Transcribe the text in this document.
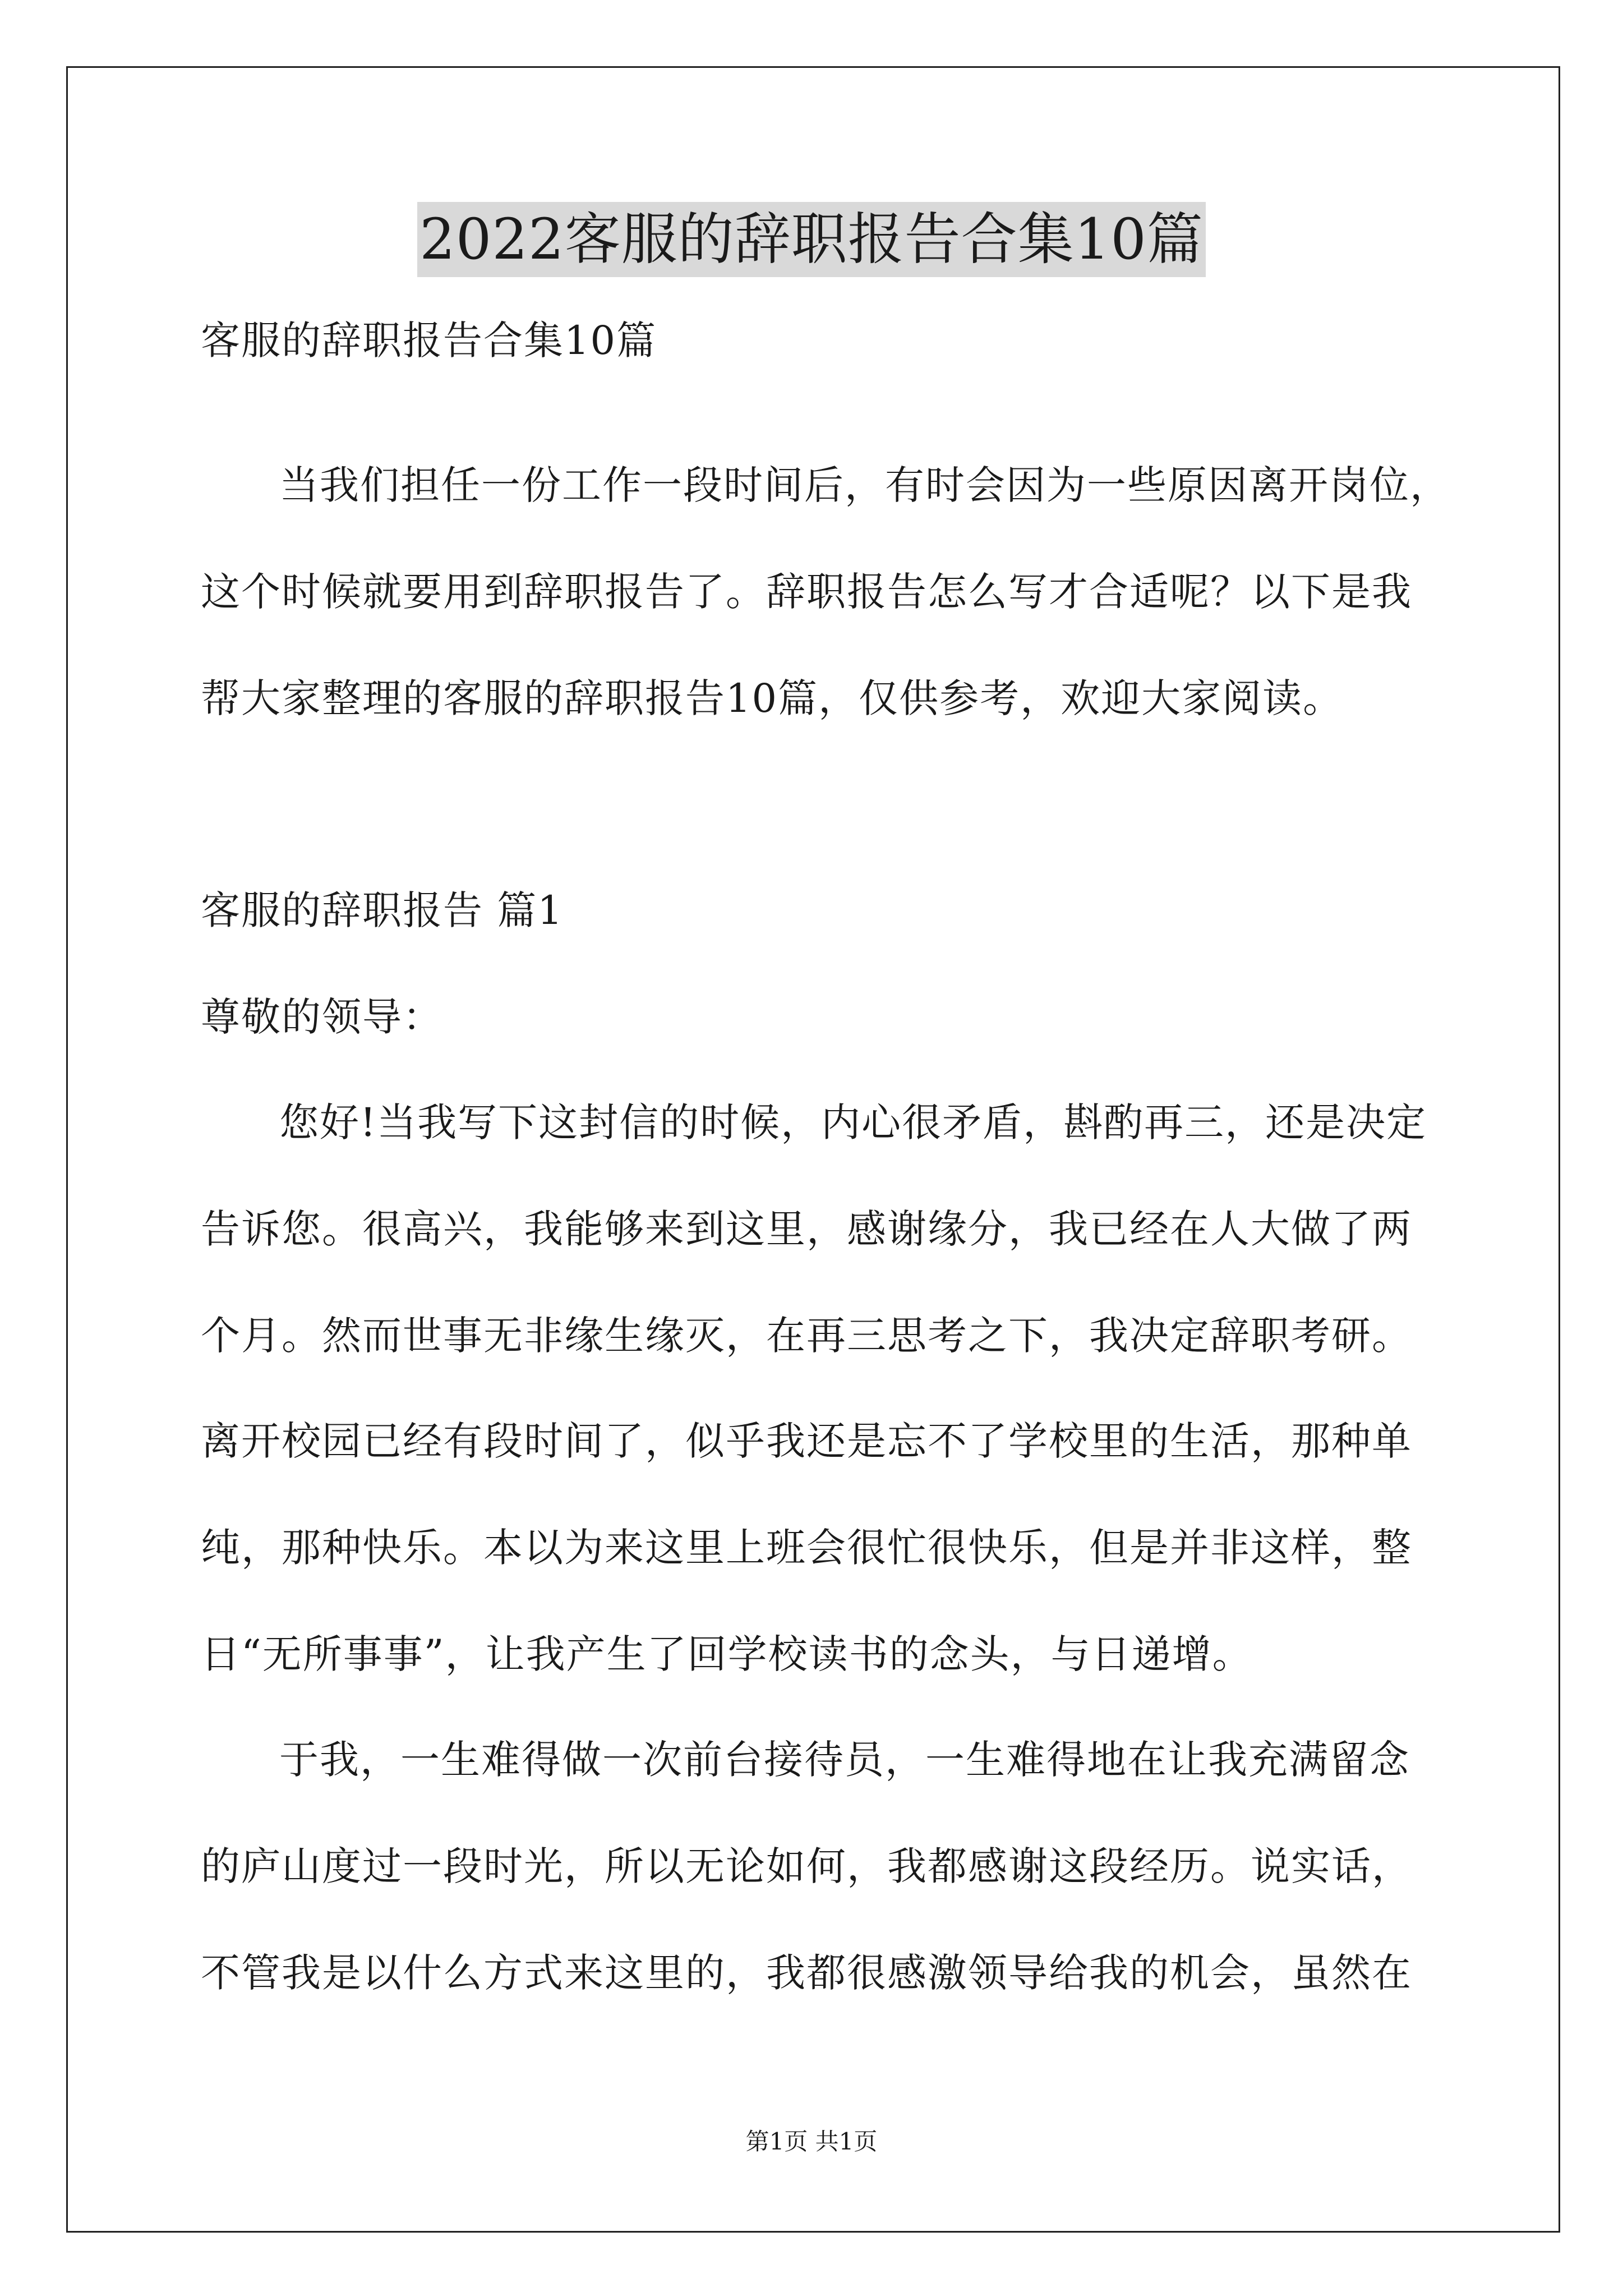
2022客服的辞职报告合集10篇
客服的辞职报告合集10篇
当我们担任一份工作一段时间后，有时会因为一些原因离开岗位，
这个时候就要用到辞职报告了。辞职报告怎么写才合适呢？以下是我
帮大家整理的客服的辞职报告10篇，仅供参考，欢迎大家阅读。
客服的辞职报告 篇1
尊敬的领导：
您好!当我写下这封信的时候，内心很矛盾，斟酌再三，还是决定
告诉您。很高兴，我能够来到这里，感谢缘分，我已经在人大做了两
个月。然而世事无非缘生缘灭，在再三思考之下，我决定辞职考研。
离开校园已经有段时间了，似乎我还是忘不了学校里的生活，那种单
纯，那种快乐。本以为来这里上班会很忙很快乐，但是并非这样，整
日“无所事事”，让我产生了回学校读书的念头，与日递增。
于我，一生难得做一次前台接待员，一生难得地在让我充满留念
的庐山度过一段时光，所以无论如何，我都感谢这段经历。说实话，
不管我是以什么方式来这里的，我都很感激领导给我的机会，虽然在
第1页 共1页
